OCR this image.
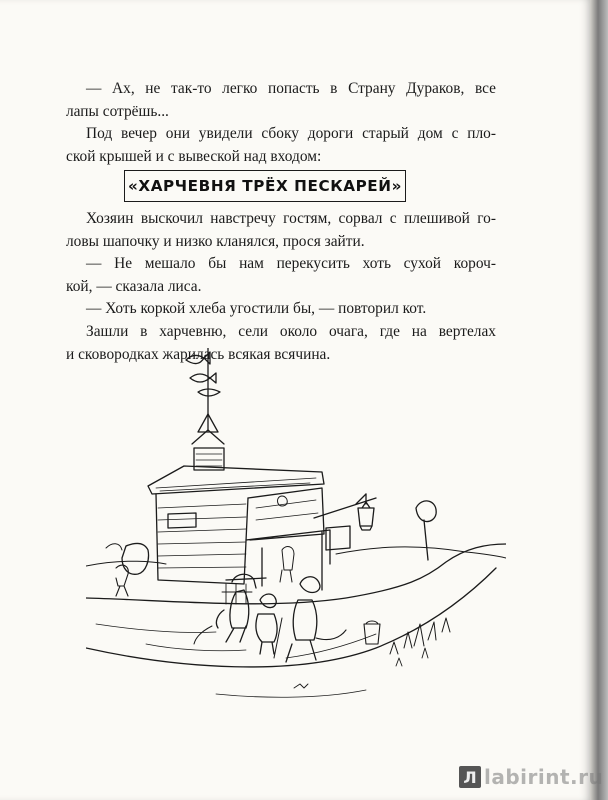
— Ах, не так-то легко попасть в Страну Дураков, все
лапы сотрёшь...

Под вечер они увидели сбоку дороги старый дом с пло-
ской крышей и с вывеской над входом:

«ХАРЧЕВНЯ ТРЁХ ПЕСКАРЕЙ»

Хозяин выскочил навстречу гостям, сорвал с плешивой го-
ловы шапочку и низко кланялся, прося зайти.

— Не мешало бы нам перекусить хоть сухой короч-
кой, — сказала лиса.

— Хоть коркой хлеба угостили бы, — повторил кот.

Зашли в харчевню, сели около очага, где на вертелах
и сковородках жарилась всякая всячина.

Л labirint.ru
